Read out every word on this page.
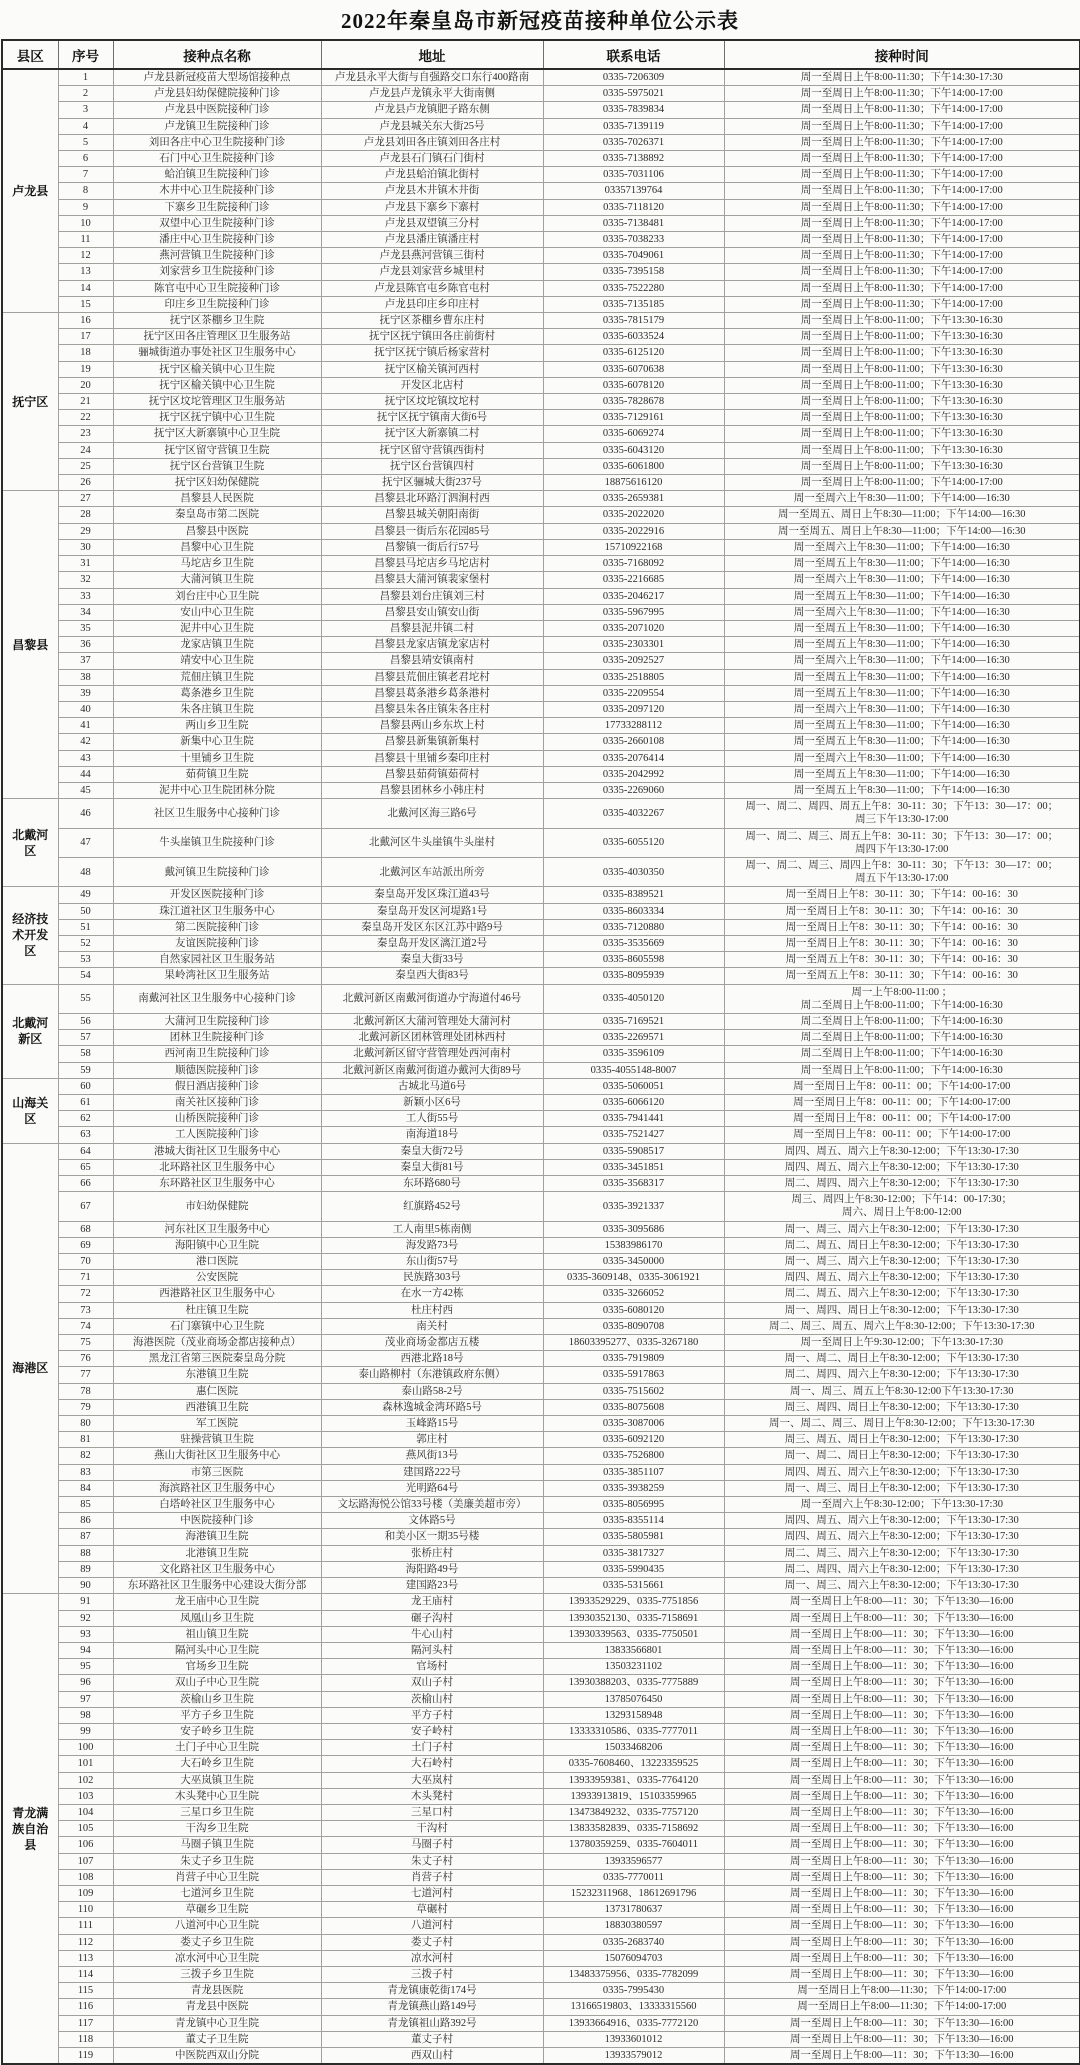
2022年秦皇岛市新冠疫苗接种单位公示表
县区	序号	接种点名称	地址	联系电话	接种时间
卢龙县	1	卢龙县新冠疫苗大型场馆接种点	卢龙县永平大街与自强路交口东行400路南	0335-7206309	周一至周日上午8:00-11:30；下午14:30-17:30
	2	卢龙县妇幼保健院接种门诊	卢龙县卢龙镇永平大街南侧	0335-5975021	周一至周日上午8:00-11:30；下午14:00-17:00
	3	卢龙县中医院接种门诊	卢龙县卢龙镇肥子路东侧	0335-7839834	周一至周日上午8:00-11:30；下午14:00-17:00
	4	卢龙镇卫生院接种门诊	卢龙县城关东大街25号	0335-7139119	周一至周日上午8:00-11:30；下午14:00-17:00
	5	刘田各庄中心卫生院接种门诊	卢龙县刘田各庄镇刘田各庄村	0335-7026371	周一至周日上午8:00-11:30；下午14:00-17:00
	6	石门中心卫生院接种门诊	卢龙县石门镇石门街村	0335-7138892	周一至周日上午8:00-11:30；下午14:00-17:00
	7	蛤泊镇卫生院接种门诊	卢龙县蛤泊镇北街村	0335-7031106	周一至周日上午8:00-11:30；下午14:00-17:00
	8	木井中心卫生院接种门诊	卢龙县木井镇木井街	03357139764	周一至周日上午8:00-11:30；下午14:00-17:00
	9	下寨乡卫生院接种门诊	卢龙县下寨乡下寨村	0335-7118120	周一至周日上午8:00-11:30；下午14:00-17:00
	10	双望中心卫生院接种门诊	卢龙县双望镇三分村	0335-7138481	周一至周日上午8:00-11:30；下午14:00-17:00
	11	潘庄中心卫生院接种门诊	卢龙县潘庄镇潘庄村	0335-7038233	周一至周日上午8:00-11:30；下午14:00-17:00
	12	燕河营镇卫生院接种门诊	卢龙县燕河营镇三街村	0335-7049061	周一至周日上午8:00-11:30；下午14:00-17:00
	13	刘家营乡卫生院接种门诊	卢龙县刘家营乡城里村	0335-7395158	周一至周日上午8:00-11:30；下午14:00-17:00
	14	陈官屯中心卫生院接种门诊	卢龙县陈官屯乡陈官屯村	0335-7522280	周一至周日上午8:00-11:30；下午14:00-17:00
	15	印庄乡卫生院接种门诊	卢龙县印庄乡印庄村	0335-7135185	周一至周日上午8:00-11:30；下午14:00-17:00
抚宁区	16	抚宁区茶棚乡卫生院	抚宁区茶棚乡曹东庄村	0335-7815179	周一至周日上午8:00-11:00；下午13:30-16:30
	17	抚宁区田各庄管理区卫生服务站	抚宁区抚宁镇田各庄前街村	0335-6033524	周一至周日上午8:00-11:00；下午13:30-16:30
	18	骊城街道办事处社区卫生服务中心	抚宁区抚宁镇后杨家营村	0335-6125120	周一至周日上午8:00-11:00；下午13:30-16:30
	19	抚宁区榆关镇中心卫生院	抚宁区榆关镇河西村	0335-6070638	周一至周日上午8:00-11:00；下午13:30-16:30
	20	抚宁区榆关镇中心卫生院	开发区北店村	0335-6078120	周一至周日上午8:00-11:00；下午13:30-16:30
	21	抚宁区坟坨管理区卫生服务站	抚宁区坟坨镇坟坨村	0335-7828678	周一至周日上午8:00-11:00；下午13:30-16:30
	22	抚宁区抚宁镇中心卫生院	抚宁区抚宁镇南大街6号	0335-7129161	周一至周日上午8:00-11:00；下午13:30-16:30
	23	抚宁区大新寨镇中心卫生院	抚宁区大新寨镇二村	0335-6069274	周一至周日上午8:00-11:00；下午13:30-16:30
	24	抚宁区留守营镇卫生院	抚宁区留守营镇西街村	0335-6043120	周一至周日上午8:00-11:00；下午13:30-16:30
	25	抚宁区台营镇卫生院	抚宁区台营镇四村	0335-6061800	周一至周日上午8:00-11:00；下午13:30-16:30
	26	抚宁区妇幼保健院	抚宁区骊城大街237号	18875616120	周一至周日上午8:00-11:00；下午14:00-17:00
昌黎县	27	昌黎县人民医院	昌黎县北环路汀泗涧村西	0335-2659381	周一至周六上午8:30—11:00；下午14:00—16:30
	28	秦皇岛市第二医院	昌黎县城关朝阳南街	0335-2022020	周一至周五、周日上午8:30—11:00；下午14:00—16:30
	29	昌黎县中医院	昌黎县一街后东花园85号	0335-2022916	周一至周五、周日上午8:30—11:00；下午14:00—16:30
	30	昌黎中心卫生院	昌黎镇一街后行57号	15710922168	周一至周六上午8:30—11:00；下午14:00—16:30
	31	马坨店乡卫生院	昌黎县马坨店乡马坨店村	0335-7168092	周一至周五上午8:30—11:00；下午14:00—16:30
	32	大蒲河镇卫生院	昌黎县大蒲河镇裴家堡村	0335-2216685	周一至周六上午8:30—11:00；下午14:00—16:30
	33	刘台庄中心卫生院	昌黎县刘台庄镇刘三村	0335-2046217	周一至周五上午8:30—11:00；下午14:00—16:30
	34	安山中心卫生院	昌黎县安山镇安山街	0335-5967995	周一至周六上午8:30—11:00；下午14:00—16:30
	35	泥井中心卫生院	昌黎县泥井镇二村	0335-2071020	周一至周五上午8:30—11:00；下午14:00—16:30
	36	龙家店镇卫生院	昌黎县龙家店镇龙家店村	0335-2303301	周一至周五上午8:30—11:00；下午14:00—16:30
	37	靖安中心卫生院	昌黎县靖安镇南村	0335-2092527	周一至周六上午8:30—11:00；下午14:00—16:30
	38	荒佃庄镇卫生院	昌黎县荒佃庄镇老君坨村	0335-2518805	周一至周五上午8:30—11:00；下午14:00—16:30
	39	葛条港乡卫生院	昌黎县葛条港乡葛条港村	0335-2209554	周一至周五上午8:30—11:00；下午14:00—16:30
	40	朱各庄镇卫生院	昌黎县朱各庄镇朱各庄村	0335-2097120	周一至周六上午8:30—11:00；下午14:00—16:30
	41	两山乡卫生院	昌黎县两山乡东坎上村	17733288112	周一至周五上午8:30—11:00；下午14:00—16:30
	42	新集中心卫生院	昌黎县新集镇新集村	0335-2660108	周一至周五上午8:30—11:00；下午14:00—16:30
	43	十里铺乡卫生院	昌黎县十里铺乡秦印庄村	0335-2076414	周一至周六上午8:30—11:00；下午14:00—16:30
	44	茹荷镇卫生院	昌黎县茹荷镇茹荷村	0335-2042992	周一至周五上午8:30—11:00；下午14:00—16:30
	45	泥井中心卫生院团林分院	昌黎县团林乡小韩庄村	0335-2269060	周一至周五上午8:30—11:00；下午14:00—16:30
北戴河区	46	社区卫生服务中心接种门诊	北戴河区海三路6号	0335-4032267	周一、周二、周四、周五上午8：30-11：30；下午13：30—17：00；
周三下午13:30-17:00
	47	牛头崖镇卫生院接种门诊	北戴河区牛头崖镇牛头崖村	0335-6055120	周一、周二、周三、周五上午8：30-11：30；下午13：30—17：00；
周四下午13:30-17:00
	48	戴河镇卫生院接种门诊	北戴河区车站派出所旁	0335-4030350	周一、周二、周三、周四上午8：30-11：30；下午13：30—17：00；
周五下午13:30-17:00
经济技术开发区	49	开发区医院接种门诊	秦皇岛开发区珠江道43号	0335-8389521	周一至周日上午8：30-11：30；下午14：00-16：30
	50	珠江道社区卫生服务中心	秦皇岛开发区河堤路1号	0335-8603334	周一至周日上午8：30-11：30；下午14：00-16：30
	51	第二医院接种门诊	秦皇岛开发区东区江苏中路9号	0335-7120880	周一至周日上午8：30-11：30；下午14：00-16：30
	52	友谊医院接种门诊	秦皇岛开发区漓江道2号	0335-3535669	周一至周日上午8：30-11：30；下午14：00-16：30
	53	自然家园社区卫生服务站	秦皇大街33号	0335-8605598	周一至周五上午8：30-11：30；下午14：00-16：30
	54	果岭湾社区卫生服务站	秦皇西大街83号	0335-8095939	周一至周五上午8：30-11：30；下午14：00-16：30
北戴河新区	55	南戴河社区卫生服务中心接种门诊	北戴河新区南戴河街道办宁海道付46号	0335-4050120	周一上午8:00-11:00 ；
周二至周日上午8:00-11:00；下午14:00-16:30
	56	大蒲河卫生院接种门诊	北戴河新区大蒲河管理处大蒲河村	0335-7169521	周二至周日上午8:00-11:00；下午14:00-16:30
	57	团林卫生院接种门诊	北戴河新区团林管理处团林西村	0335-2269571	周二至周日上午8:00-11:00；下午14:00-16:30
	58	西河南卫生院接种门诊	北戴河新区留守营管理处西河南村	0335-3596109	周二至周日上午8:00-11:00；下午14:00-16:30
	59	顺德医院接种门诊	北戴河新区南戴河街道办戴河大街89号	0335-4055148-8007	周一至周日上午8:00-11:00；下午14:00-16:30
山海关区	60	假日酒店接种门诊	古城北马道6号	0335-5060051	周一至周日上午8：00-11：00；下午14:00-17:00
	61	南关社区接种门诊	新颖小区6号	0335-6066120	周一至周日上午8：00-11：00；下午14:00-17:00
	62	山桥医院接种门诊	工人街55号	0335-7941441	周一至周日上午8：00-11：00；下午14:00-17:00
	63	工人医院接种门诊	南海道18号	0335-7521427	周一至周日上午8：00-11：00；下午14:00-17:00
海港区	64	港城大街社区卫生服务中心	秦皇大街72号	0335-5908517	周四、周五、周六上午8:30-12:00；下午13:30-17:30
	65	北环路社区卫生服务中心	秦皇大街81号	0335-3451851	周四、周五、周六上午8:30-12:00；下午13:30-17:30
	66	东环路社区卫生服务中心	东环路680号	0335-3568317	周二、周四、周六上午8:30-12:00；下午13:30-17:30
	67	市妇幼保健院	红旗路452号	0335-3921337	周三、周四上午8:30-12:00；下午14：00-17:30；
周六、周日上午8:00-12:00
	68	河东社区卫生服务中心	工人南里5栋南侧	0335-3095686	周一、周三、周六上午8:30-12:00；下午13:30-17:30
	69	海阳镇中心卫生院	海发路73号	15383986170	周二、周五、周日上午8:30-12:00；下午13:30-17:30
	70	港口医院	东山街57号	0335-3450000	周一、周三、周六上午8:30-12:00；下午13:30-17:30
	71	公安医院	民族路303号	0335-3609148、0335-3061921	周四、周五、周六上午8:30-12:00；下午13:30-17:30
	72	西港路社区卫生服务中心	在水一方42栋	0335-3266052	周二、周五、周六上午8:30-12:00；下午13:30-17:30
	73	杜庄镇卫生院	杜庄村西	0335-6080120	周一、周四、周日上午8:30-12:00；下午13:30-17:30
	74	石门寨镇中心卫生院	南关村	0335-8090708	周二、周三、周五、周六上午8:30-12:00；下午13:30-17:30
	75	海港医院（茂业商场金都店接种点）	茂业商场金都店五楼	18603395277、0335-3267180	周一至周日上午9:30-12:00；下午13:30-17:30
	76	黑龙江省第三医院秦皇岛分院	西港北路18号	0335-7919809	周一、周二、周日上午8:30-12:00；下午13:30-17:30
	77	东港镇卫生院	泰山路柳村（东港镇政府东侧）	0335-5917863	周二、周四、周六上午8:30-12:00；下午13:30-17:30
	78	惠仁医院	泰山路58-2号	0335-7515602	周一、周三、周五上午8:30-12:00下午13:30-17:30
	79	西港镇卫生院	森林逸城金湾环路5号	0335-8075608	周三、周四、周日上午8:30-12:00；下午13:30-17:30
	80	军工医院	玉峰路15号	0335-3087006	周一、周二、周三、周日上午8:30-12:00；下午13:30-17:30
	81	驻操营镇卫生院	郭庄村	0335-6092120	周三、周五、周日上午8:30-12:00；下午13:30-17:30
	82	燕山大街社区卫生服务中心	燕风街13号	0335-7526800	周一、周二、周日上午8:30-12:00；下午13:30-17:30
	83	市第三医院	建国路222号	0335-3851107	周四、周五、周六上午8:30-12:00；下午13:30-17:30
	84	海滨路社区卫生服务中心	光明路64号	0335-3938259	周一、周三、周日上午8:30-12:00；下午13:30-17:30
	85	白塔岭社区卫生服务中心	文坛路海悦公馆33号楼（美廉美超市旁）	0335-8056995	周一至周六上午8:30-12:00；下午13:30-17:30
	86	中医院接种门诊	文体路5号	0335-8355114	周四、周五、周六上午8:30-12:00；下午13:30-17:30
	87	海港镇卫生院	和美小区一期35号楼	0335-5805981	周四、周五、周六上午8:30-12:00；下午13:30-17:30
	88	北港镇卫生院	张桥庄村	0335-3817327	周二、周三、周六上午8:30-12:00；下午13:30-17:30
	89	文化路社区卫生服务中心	海阳路49号	0335-5990435	周二、周四、周六上午8:30-12:00；下午13:30-17:30
	90	东环路社区卫生服务中心建设大街分部	建国路23号	0335-5315661	周一、周三、周六上午8:30-12:00；下午13:30-17:30
青龙满族自治县	91	龙王庙中心卫生院	龙王庙村	13933529229、0335-7751856	周一至周日上午8:00—11：30；下午13:30—16:00
	92	凤凰山乡卫生院	碾子沟村	13930352130、0335-7158691	周一至周日上午8:00—11：30；下午13:30—16:00
	93	祖山镇卫生院	牛心山村	13930339563、0335-7750501	周一至周日上午8:00—11：30；下午13:30—16:00
	94	隔河头中心卫生院	隔河头村	13833566801	周一至周日上午8:00—11：30；下午13:30—16:00
	95	官场乡卫生院	官场村	13503231102	周一至周日上午8:00—11：30；下午13:30—16:00
	96	双山子中心卫生院	双山子村	13930388203、0335-7775889	周一至周日上午8:00—11：30；下午13:30—16:00
	97	茨榆山乡卫生院	茨榆山村	13785076450	周一至周日上午8:00—11：30；下午13:30—16:00
	98	平方子乡卫生院	平方子村	13293158948	周一至周日上午8:00—11：30；下午13:30—16:00
	99	安子岭乡卫生院	安子岭村	13333310586、0335-7777011	周一至周日上午8:00—11：30；下午13:30—16:00
	100	土门子中心卫生院	土门子村	15033468206	周一至周日上午8:00—11：30；下午13:30—16:00
	101	大石岭乡卫生院	大石岭村	0335-7608460、13223359525	周一至周日上午8:00—11：30；下午13:30—16:00
	102	大巫岚镇卫生院	大巫岚村	13933959381、0335-7764120	周一至周日上午8:00—11：30；下午13:30—16:00
	103	木头凳中心卫生院	木头凳村	13933913819、15103359965	周一至周日上午8:00—11：30；下午13:30—16:00
	104	三星口乡卫生院	三星口村	13473849232、0335-7757120	周一至周日上午8:00—11：30；下午13:30—16:00
	105	干沟乡卫生院	干沟村	13833582839、0335-7158692	周一至周日上午8:00—11：30；下午13:30—16:00
	106	马圈子镇卫生院	马圈子村	13780359259、0335-7604011	周一至周日上午8:00—11：30；下午13:30—16:00
	107	朱丈子乡卫生院	朱丈子村	13933596577	周一至周日上午8:00—11：30；下午13:30—16:00
	108	肖营子中心卫生院	肖营子村	0335-7770011	周一至周日上午8:00—11：30；下午13:30—16:00
	109	七道河乡卫生院	七道河村	15232311968、18612691796	周一至周日上午8:00—11：30；下午13:30—16:00
	110	草碾乡卫生院	草碾村	13731780637	周一至周日上午8:00—11：30；下午13:30—16:00
	111	八道河中心卫生院	八道河村	18830380597	周一至周日上午8:00—11：30；下午13:30—16:00
	112	娄丈子乡卫生院	娄丈子村	0335-2683740	周一至周日上午8:00—11：30；下午13:30—16:00
	113	凉水河中心卫生院	凉水河村	15076094703	周一至周日上午8:00—11：30；下午13:30—16:00
	114	三拨子乡卫生院	三拨子村	13483375956、0335-7782099	周一至周日上午8:00—11：30；下午13:30—16:00
	115	青龙县医院	青龙镇康乾街174号	0335-7995430	周一至周日上午8:00—11:30；下午14:00-17:00
	116	青龙县中医院	青龙镇燕山路149号	13166519803、13333315560	周一至周日上午8:00—11:30；下午14:00-17:00
	117	青龙镇中心卫生院	青龙镇祖山路392号	13933664916、0335-7772120	周一至周日上午8:00—11：30；下午13:30—16:00
	118	董丈子卫生院	董丈子村	13933601012	周一至周日上午8:00—11：30；下午13:30—16:00
	119	中医院西双山分院	西双山村	13933579012	周一至周日上午8:00—11：30；下午13:30—16:00
